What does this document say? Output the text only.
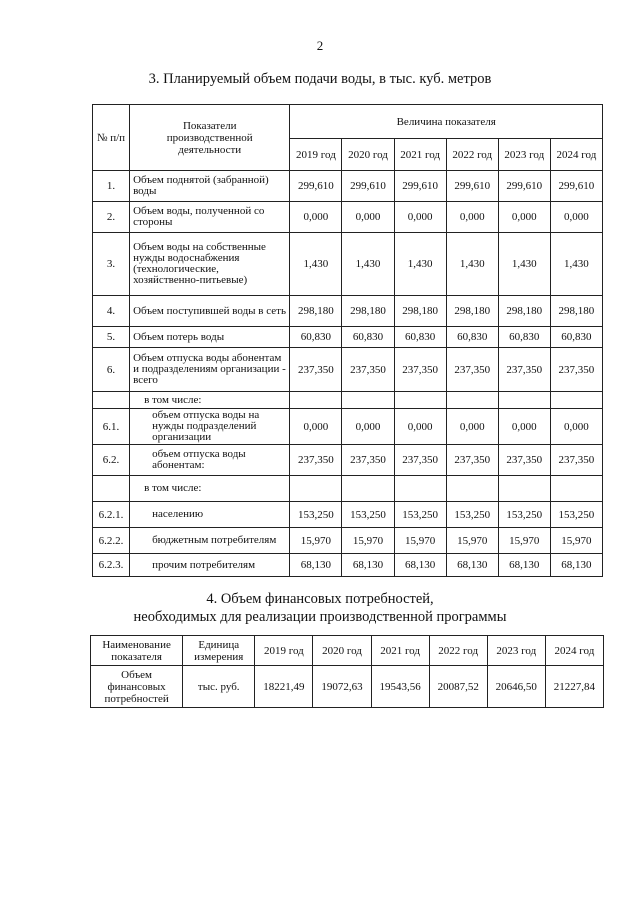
2
3. Планируемый объем подачи воды, в тыс. куб. метров
№ п/п	Показатели производственной деятельности	Величина показателя					
		2019 год	2020 год	2021 год	2022 год	2023 год	2024 год
1.	Объем поднятой (забранной) воды	299,610	299,610	299,610	299,610	299,610	299,610
2.	Объем воды, полученной со стороны	0,000	0,000	0,000	0,000	0,000	0,000
3.	Объем воды на собственные нужды водоснабжения (технологические, хозяйственно-питьевые)	1,430	1,430	1,430	1,430	1,430	1,430
4.	Объем поступившей воды в сеть	298,180	298,180	298,180	298,180	298,180	298,180
5.	Объем потерь воды	60,830	60,830	60,830	60,830	60,830	60,830
6.	Объем отпуска воды абонентам и подразделениям организации - всего	237,350	237,350	237,350	237,350	237,350	237,350
	в том числе:						
6.1.	объем отпуска воды на нужды подразделений организации	0,000	0,000	0,000	0,000	0,000	0,000
6.2.	объем отпуска воды абонентам:	237,350	237,350	237,350	237,350	237,350	237,350
	в том числе:						
6.2.1.	населению	153,250	153,250	153,250	153,250	153,250	153,250
6.2.2.	бюджетным потребителям	15,970	15,970	15,970	15,970	15,970	15,970
6.2.3.	прочим потребителям	68,130	68,130	68,130	68,130	68,130	68,130
4. Объем финансовых потребностей,
необходимых для реализации производственной программы
Наименование показателя	Единица измерения	2019 год	2020 год	2021 год	2022 год	2023 год	2024 год
Объем финансовых потребностей	тыс. руб.	18221,49	19072,63	19543,56	20087,52	20646,50	21227,84
